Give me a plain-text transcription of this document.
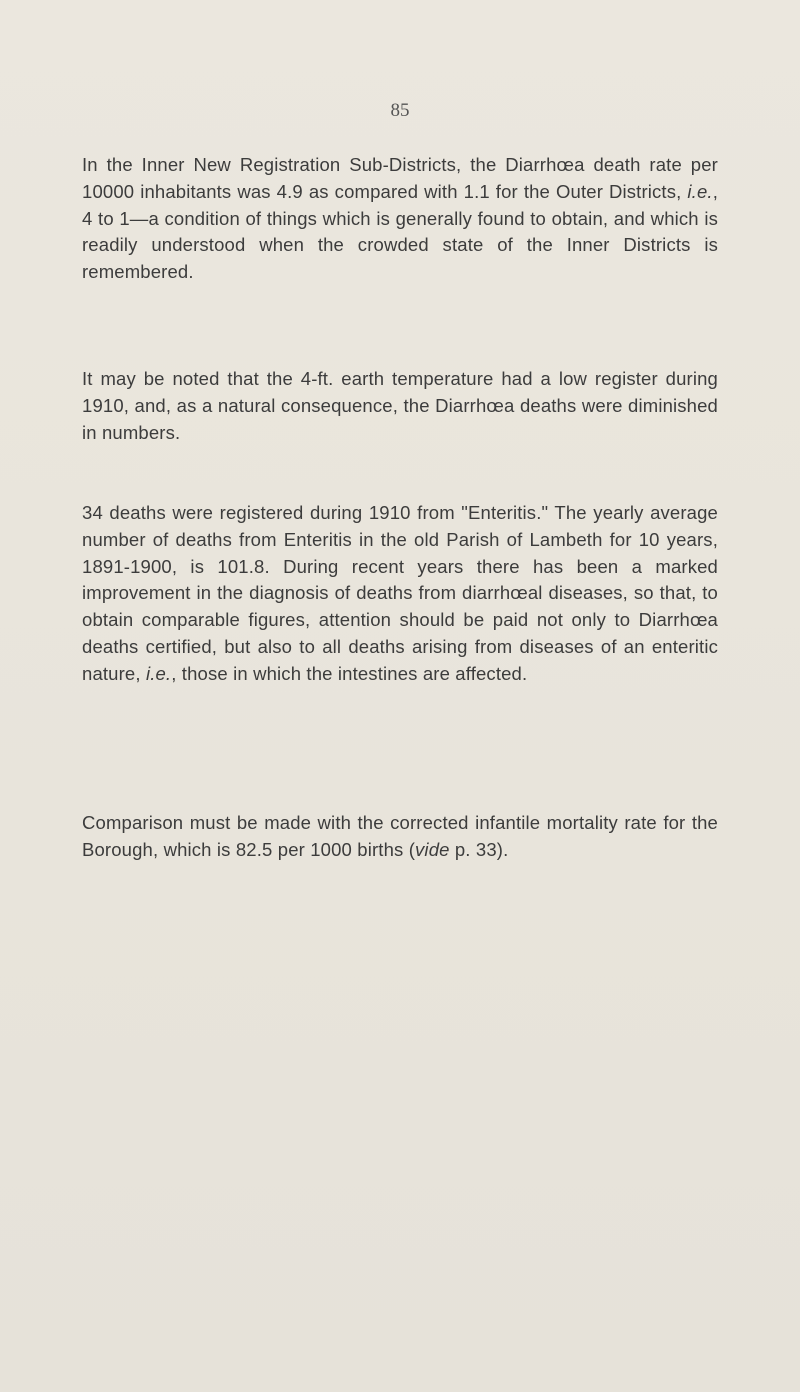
85

In the Inner New Registration Sub-Districts, the Diarrhœa death rate per 10000 inhabitants was 4.9 as compared with 1.1 for the Outer Districts, i.e., 4 to 1—a condition of things which is generally found to obtain, and which is readily understood when the crowded state of the Inner Districts is remembered.

It may be noted that the 4-ft. earth temperature had a low register during 1910, and, as a natural consequence, the Diarrhœa deaths were diminished in numbers.

34 deaths were registered during 1910 from "Enteritis." The yearly average number of deaths from Enteritis in the old Parish of Lambeth for 10 years, 1891-1900, is 101.8. During recent years there has been a marked improvement in the diagnosis of deaths from diarrhœal diseases, so that, to obtain comparable figures, attention should be paid not only to Diarrhœa deaths certified, but also to all deaths arising from diseases of an enteritic nature, i.e., those in which the intestines are affected.

Comparison must be made with the corrected infantile mortality rate for the Borough, which is 82.5 per 1000 births (vide p. 33).
